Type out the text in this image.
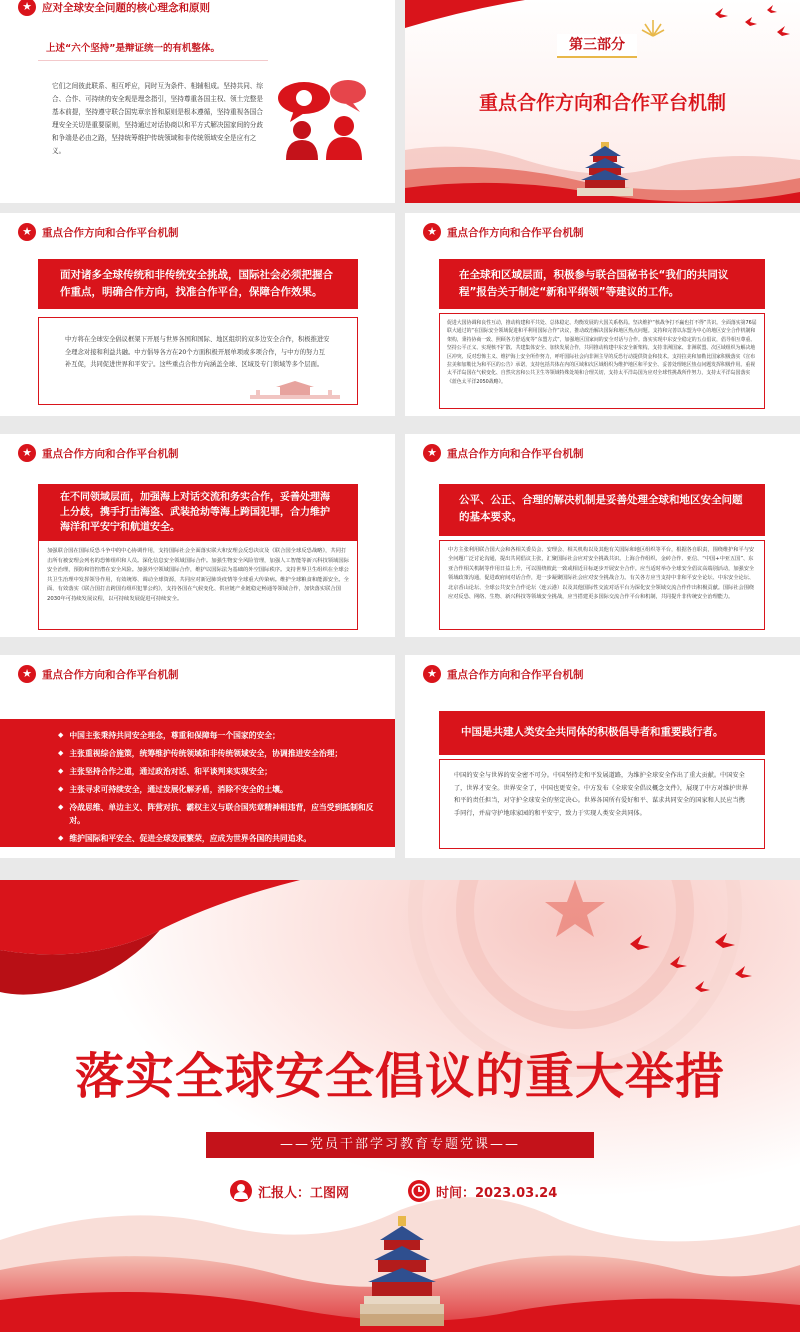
★ 应对全球安全问题的核心理念和原则
上述“六个坚持”是辩证统一的有机整体。
它们之间彼此联系、相互呼应，同时互为条件、相辅相成。坚持共同、综合、合作、可持续的安全观是理念指引，坚持尊重各国主权、领土完整是基本前提，坚持遵守联合国宪章宗旨和原则是根本遵循，坚持重视各国合理安全关切是重要原则，坚持通过对话协商以和平方式解决国家间的分歧和争端是必由之路，坚持统筹维护传统领域和非传统领域安全是应有之义。
第三部分
重点合作方向和合作平台机制
★ 重点合作方向和合作平台机制
面对诸多全球传统和非传统安全挑战，国际社会必须把握合作重点，明确合作方向，找准合作平台，保障合作效果。
中方将在全球安全倡议框架下开展与世界各国和国际、地区组织的双多边安全合作，积极推进安全理念对接和利益共融。中方倡导各方在20个方面积极开展单项或多项合作，与中方的努力互补互促，共同促进世界和平安宁。这些重点合作方向涵盖全球、区域及专门领域等多个层面。
★ 重点合作方向和合作平台机制
在全球和区域层面，积极参与联合国秘书长“我们的共同议程”报告关于制定“新和平纲领”等建议的工作。
促进大国协调和良性互动，推动构建和平共处、总体稳定、均衡发展的大国关系格局。坚决维护“核战争打不赢也打不得”共识。全面落实第76届联大通过的“在国际安全领域促进和平利用国际合作”决议，推动政治解决国际和地区热点问题。支持和完善以东盟为中心的地区安全合作机制和架构，秉持协商一致、照顾各方舒适度等“东盟方式”，加强地区国家间的安全对话与合作。落实实现中东安全稳定的五点倡议，倡导相互尊重、坚持公平正义、实现核不扩散、共建集体安全、加快发展合作，共同推动构建中东安全新架构。支持非洲国家、非洲联盟、次区域组织为解决地区冲突、反对恐怖主义、维护海上安全所作努力，呼吁国际社会向非洲主导的反恐行动提供资金和技术。支持拉美和加勒比国家积极落实《宣布拉美和加勒比为和平区的公告》承诺，支持包括共体在内的区域和次区域组织为维护地区和平安全、妥善处理地区热点问题发挥积极作用。重视太平洋岛国在气候变化、自然灾害和公共卫生等领域特殊处境和合理关切，支持太平洋岛国为应对全球性挑战所作努力，支持太平洋岛国落实《蓝色太平洋2050战略》。
★ 重点合作方向和合作平台机制
在不同领域层面，加强海上对话交流和务实合作，妥善处理海上分歧，携手打击海盗、武装抢劫等海上跨国犯罪，合力维护海洋和平安宁和航道安全。
加强联合国在国际反恐斗争中的中心协调作用，支持国际社会全面落实联大和安理会反恐决议及《联合国全球反恐战略》，共同打击所有被安理会列名的恐怖组织和人员。深化信息安全领域国际合作。加强生物安全风险管理，加强人工智能等新兴科技领域国际安全治理，预防和管控潜在安全风险。加强外空领域国际合作，维护以国际法为基础的外空国际秩序。支持世界卫生组织在全球公共卫生治理中发挥领导作用，有效统筹、调动全球资源，共同应对新冠肺炎疫情等全球重大传染病。维护全球粮食和能源安全。全面、有效落实《联合国打击跨国有组织犯罪公约》，支持各国在气候变化、供应链产业链稳定畅通等领域合作，加快落实联合国2030年可持续发展议程，以可持续发展促进可持续安全。
★ 重点合作方向和合作平台机制
公平、公正、合理的解决机制是妥善处理全球和地区安全问题的基本要求。
中方主张利用联合国大会和各相关委员会、安理会、相关机构以及其他有关国际和地区组织等平台，根据各自职责，围绕维护和平与安全问题广泛讨论沟通，提出共同倡议主张，汇聚国际社会应对安全挑战共识。上海合作组织、金砖合作、亚信、“中国+中亚五国”、东亚合作相关机制等作用日益上升，可以围绕彼此一致或相近目标逐步开展安全合作。应当适时举办全球安全倡议高端别活动，加强安全领域政策沟通，促进政府间对话合作，进一步凝聚国际社会应对安全挑战合力。有关各方应当支持中非和平安全论坛、中东安全论坛、北京香山论坛、全球公共安全合作论坛（连云港）以及其他国际性交流对话平台为深化安全领域交流合作作出积极贡献。国际社会围绕应对反恐、网络、生物、新兴科技等领域安全挑战，应当搭建更多国际交流合作平台和机制，共同提升非传统安全治理能力。
★ 重点合作方向和合作平台机制
◆ 中国主张秉持共同安全理念，尊重和保障每一个国家的安全；
◆ 主张重视综合施策，统筹维护传统领域和非传统领域安全，协调推进安全治理；
◆ 主张坚持合作之道，通过政治对话、和平谈判来实现安全；
◆ 主张寻求可持续安全，通过发展化解矛盾，消除不安全的土壤。
◆ 冷战思维、单边主义、阵营对抗、霸权主义与联合国宪章精神相违背，应当受到抵制和反对。
◆ 维护国际和平安全、促进全球发展繁荣，应成为世界各国的共同追求。
★ 重点合作方向和合作平台机制
中国是共建人类安全共同体的积极倡导者和重要践行者。
中国的安全与世界的安全密不可分。中国坚持走和平发展道路，为维护全球安全作出了重大贡献。中国安全了，世界才安全。世界安全了，中国也更安全。中方发布《全球安全倡议概念文件》，展现了中方对维护世界和平的责任担当，对守护全球安全的坚定决心。世界各国所有爱好和平、谋求共同安全的国家和人民应当携手同行，并肩守护地球家园的和平安宁，致力于实现人类安全共同体。
落实全球安全倡议的重大举措
——党员干部学习教育专题党课——
汇报人：工图网	时间：2023.03.24
